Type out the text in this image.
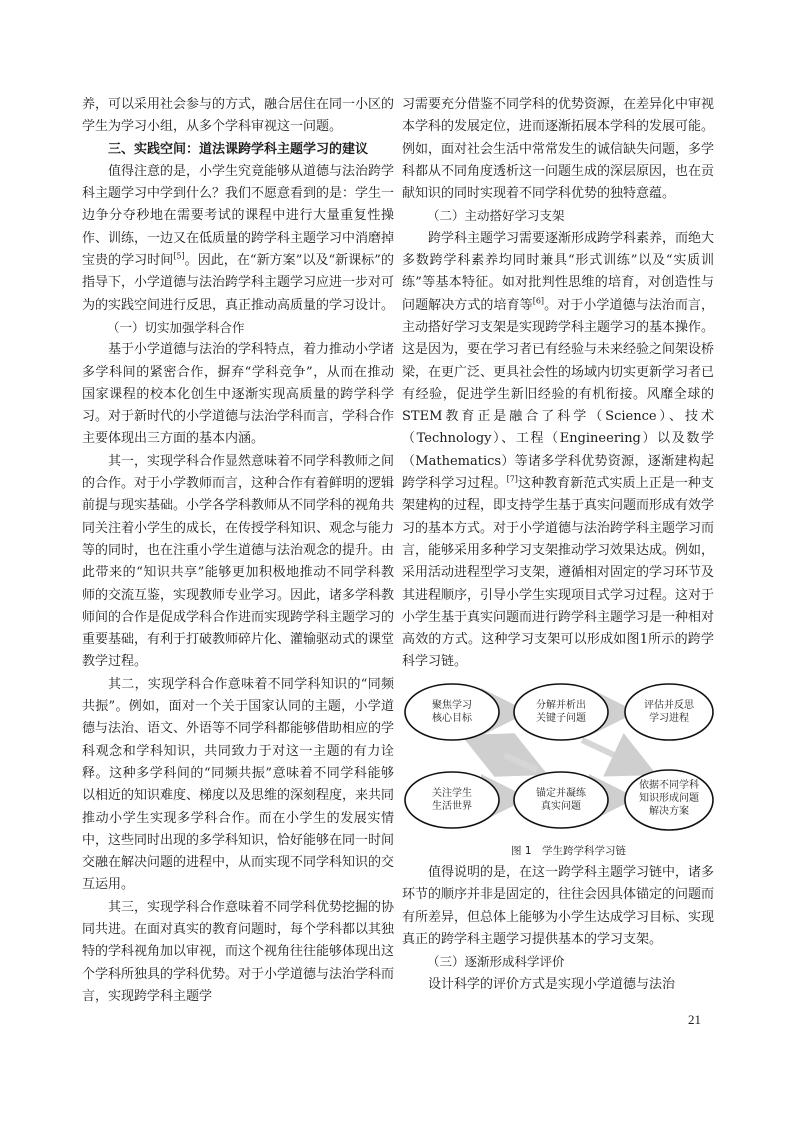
养，可以采用社会参与的方式，融合居住在同一小区的学生为学习小组，从多个学科审视这一问题。

三、实践空间：道法课跨学科主题学习的建议

值得注意的是，小学生究竟能够从道德与法治跨学科主题学习中学到什么？我们不愿意看到的是：学生一边争分夺秒地在需要考试的课程中进行大量重复性操作、训练，一边又在低质量的跨学科主题学习中消磨掉宝贵的学习时间[5]。因此，在“新方案”以及“新课标”的指导下，小学道德与法治跨学科主题学习应进一步对可为的实践空间进行反思，真正推动高质量的学习设计。

（一）切实加强学科合作

基于小学道德与法治的学科特点，着力推动小学诸多学科间的紧密合作，摒弃“学科竞争”，从而在推动国家课程的校本化创生中逐渐实现高质量的跨学科学习。对于新时代的小学道德与法治学科而言，学科合作主要体现出三方面的基本内涵。

其一，实现学科合作显然意味着不同学科教师之间的合作。对于小学教师而言，这种合作有着鲜明的逻辑前提与现实基础。小学各学科教师从不同学科的视角共同关注着小学生的成长，在传授学科知识、观念与能力等的同时，也在注重小学生道德与法治观念的提升。由此带来的“知识共享”能够更加积极地推动不同学科教师的交流互鉴，实现教师专业学习。因此，诸多学科教师间的合作是促成学科合作进而实现跨学科主题学习的重要基础，有利于打破教师碎片化、灌输驱动式的课堂教学过程。

其二，实现学科合作意味着不同学科知识的“同频共振”。例如，面对一个关于国家认同的主题，小学道德与法治、语文、外语等不同学科都能够借助相应的学科观念和学科知识，共同致力于对这一主题的有力诠释。这种多学科间的“同频共振”意味着不同学科能够以相近的知识难度、梯度以及思维的深刻程度，来共同推动小学生实现多学科合作。而在小学生的发展实情中，这些同时出现的多学科知识，恰好能够在同一时间交融在解决问题的进程中，从而实现不同学科知识的交互运用。

其三，实现学科合作意味着不同学科优势挖掘的协同共进。在面对真实的教育问题时，每个学科都以其独特的学科视角加以审视，而这个视角往往能够体现出这个学科所独具的学科优势。对于小学道德与法治学科而言，实现跨学科主题学

习需要充分借鉴不同学科的优势资源，在差异化中审视本学科的发展定位，进而逐渐拓展本学科的发展可能。例如，面对社会生活中常常发生的诚信缺失问题，多学科都从不同角度透析这一问题生成的深层原因，也在贡献知识的同时实现着不同学科优势的独特意蕴。

（二）主动搭好学习支架

跨学科主题学习需要逐渐形成跨学科素养，而绝大多数跨学科素养均同时兼具“形式训练”以及“实质训练”等基本特征。如对批判性思维的培育，对创造性与问题解决方式的培育等[6]。对于小学道德与法治而言，主动搭好学习支架是实现跨学科主题学习的基本操作。这是因为，要在学习者已有经验与未来经验之间架设桥梁，在更广泛、更具社会性的场域内切实更新学习者已有经验，促进学生新旧经验的有机衔接。风靡全球的STEM教育正是融合了科学（Science）、技术（Technology）、工程（Engineering）以及数学（Mathematics）等诸多学科优势资源，逐渐建构起跨学科学习过程。[7]这种教育新范式实质上正是一种支架建构的过程，即支持学生基于真实问题而形成有效学习的基本方式。对于小学道德与法治跨学科主题学习而言，能够采用多种学习支架推动学习效果达成。例如，采用活动进程型学习支架，遵循相对固定的学习环节及其进程顺序，引导小学生实现项目式学习过程。这对于小学生基于真实问题而进行跨学科主题学习是一种相对高效的方式。这种学习支架可以形成如图1所示的跨学科学习链。

聚焦学习
核心目标
分解并析出
关键子问题
评估并反思
学习进程
关注学生
生活世界
锚定并凝练
真实问题
依据不同学科
知识形成问题
解决方案

图 1　学生跨学科学习链

值得说明的是，在这一跨学科主题学习链中，诸多环节的顺序并非是固定的，往往会因具体锚定的问题而有所差异，但总体上能够为小学生达成学习目标、实现真正的跨学科主题学习提供基本的学习支架。

（三）逐渐形成科学评价

设计科学的评价方式是实现小学道德与法治

21
